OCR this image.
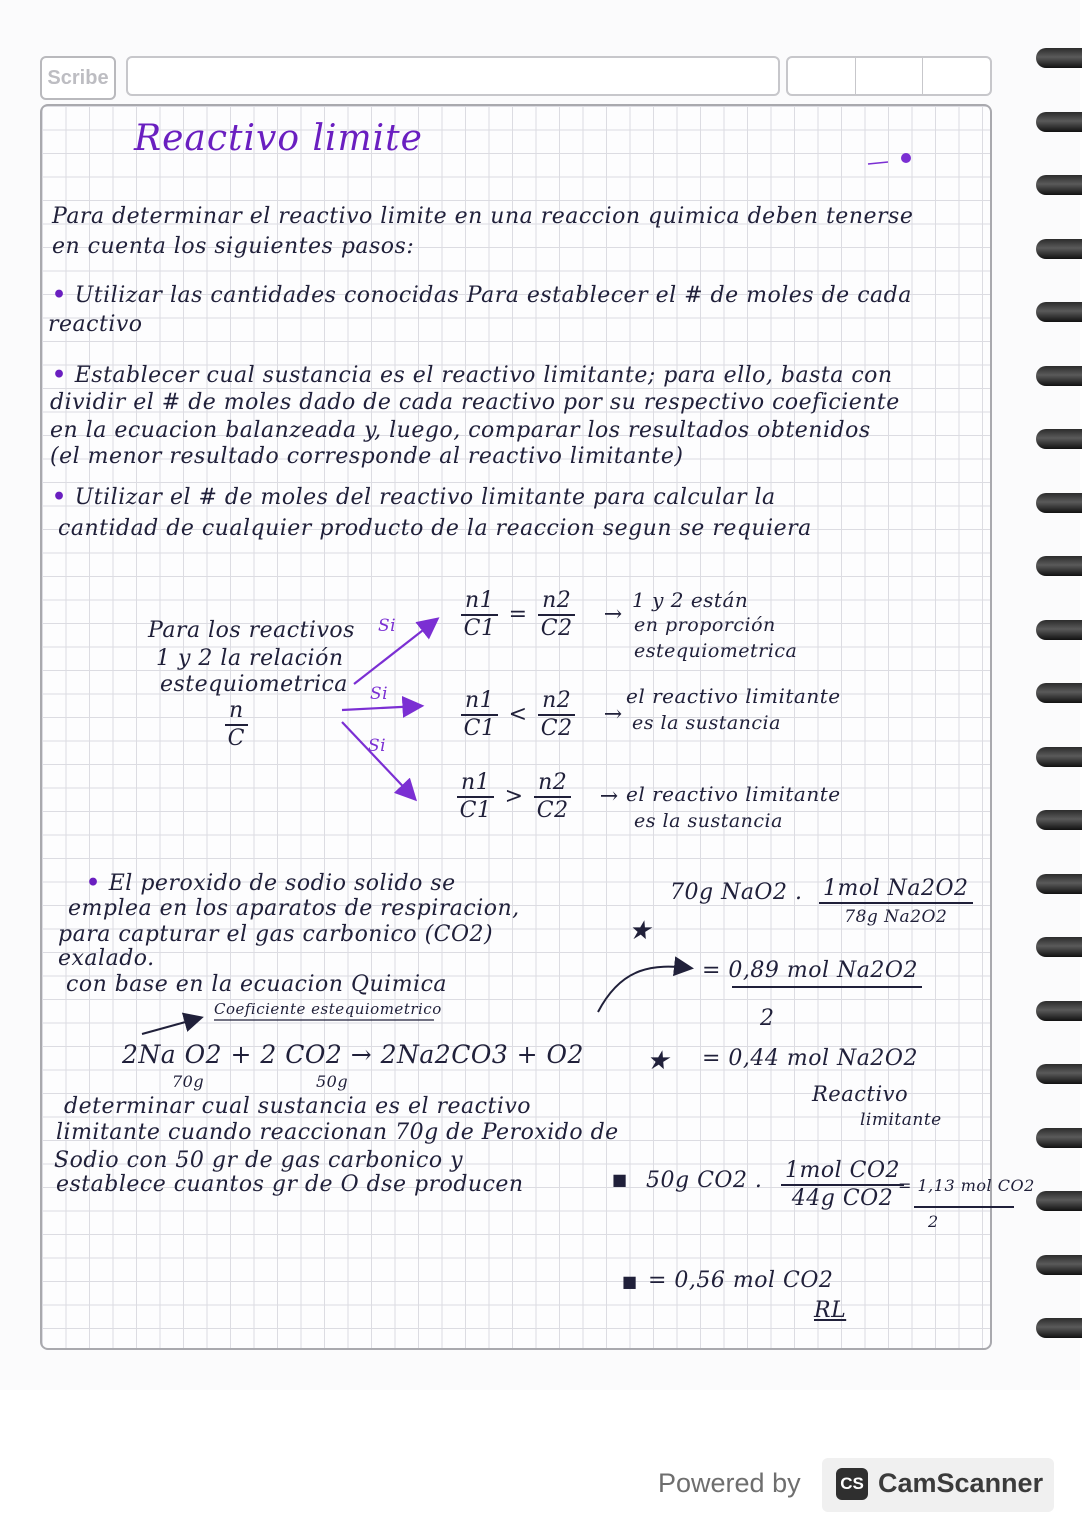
Scribe
Reactivo limite
Para determinar el reactivo limite en una reaccion quimica deben tenerse
en cuenta los siguientes pasos:
• Utilizar las cantidades conocidas Para establecer el # de moles de cada
reactivo
• Establecer cual sustancia es el reactivo limitante; para ello, basta con
dividir el # de moles dado de cada reactivo por su respectivo coeficiente
en la ecuacion balanzeada y, luego, comparar los resultados obtenidos
(el menor resultado corresponde al reactivo limitante)
• Utilizar el # de moles del reactivo limitante para calcular la
cantidad de cualquier producto de la reaccion segun se requiera
Para los reactivos
1 y 2 la relación
estequiometrica
$\frac{n}{C}$
Si
Si
Si
$\frac{n1}{C1} = \frac{n2}{C2}$ →
1 y 2 están
en proporción
estequiometrica
$\frac{n1}{C1} < \frac{n2}{C2}$ →
el reactivo limitante
es la sustancia
$\frac{n1}{C1} > \frac{n2}{C2}$ → el reactivo limitante
es la sustancia
• El peroxido de sodio solido se
emplea en los aparatos de respiracion,
para capturar el gas carbonico (CO2)
exalado.
con base en la ecuacion Quimica
Coeficiente estequiometrico
2Na O2 + 2 CO2 → 2Na2CO3 + O2
70g	50g
determinar cual sustancia es el reactivo
limitante cuando reaccionan 70g de Peroxido de
Sodio con 50 gr de gas carbonico y
establece cuantos gr de O dse producen
★
70g NaO2 . $\frac{\text{1mol Na2O2}}{\text{78g Na2O2}}$
= 0,89 mol Na2O2
2
★ = 0,44 mol Na2O2
Reactivo
limitante
■ 50g CO2 . $\frac{\text{1mol CO2}}{\text{44g CO2}}$
= 1,13 mol CO2
2
■ = 0,56 mol CO2
RL
Powered by CS CamScanner
